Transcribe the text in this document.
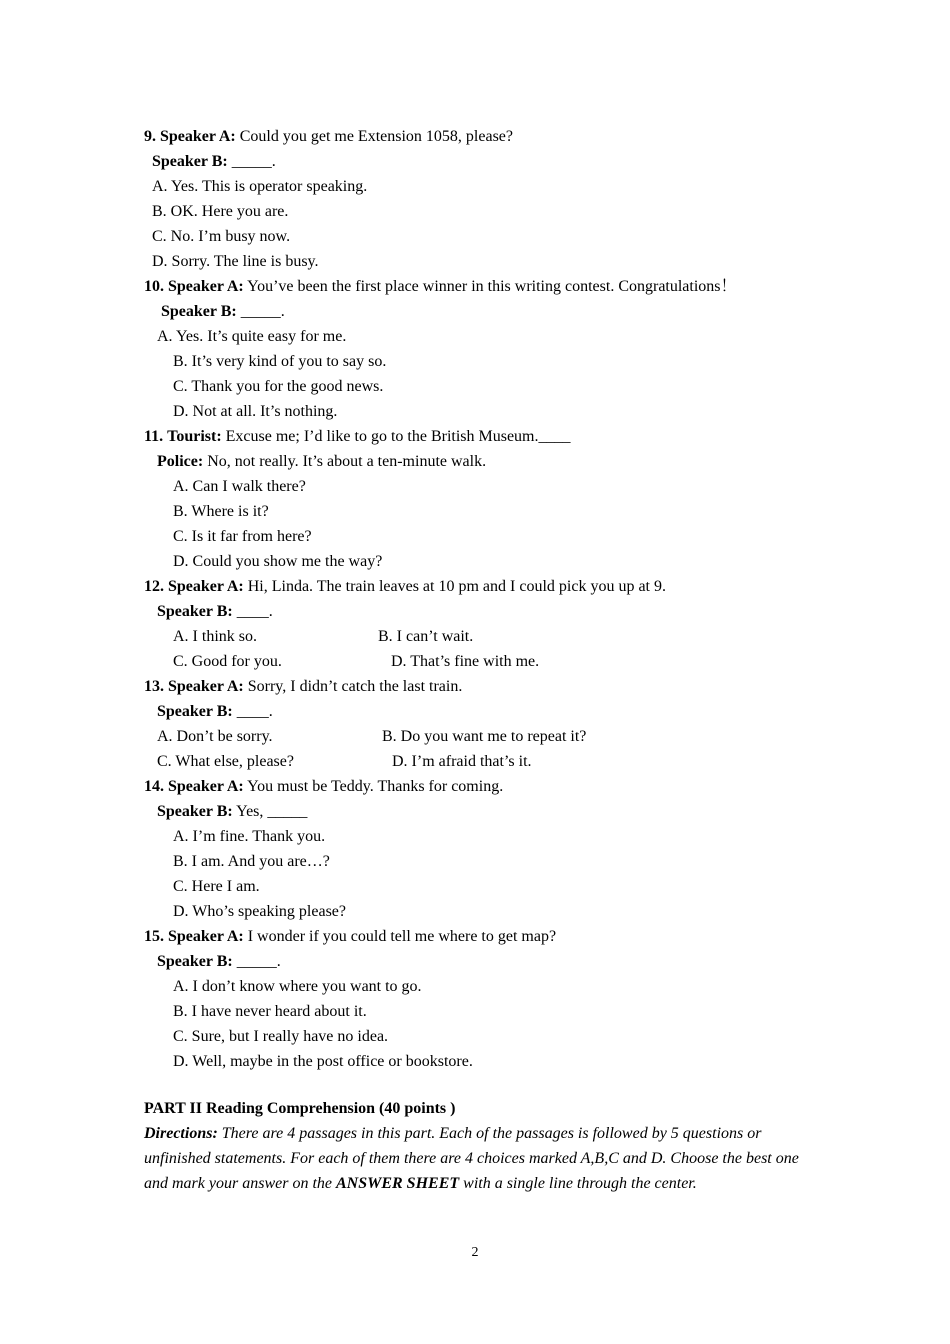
9. Speaker A: Could you get me Extension 1058, please?
Speaker B: _____.
A. Yes. This is operator speaking.
B. OK. Here you are.
C. No. I’m busy now.
D. Sorry. The line is busy.
10. Speaker A: You’ve been the first place winner in this writing contest. Congratulations！
Speaker B: _____.
A. Yes. It’s quite easy for me.
B. It’s very kind of you to say so.
C. Thank you for the good news.
D. Not at all. It’s nothing.
11. Tourist: Excuse me; I’d like to go to the British Museum.____
Police: No, not really. It’s about a ten-minute walk.
A. Can I walk there?
B. Where is it?
C. Is it far from here?
D. Could you show me the way?
12. Speaker A: Hi, Linda. The train leaves at 10 pm and I could pick you up at 9.
Speaker B: ____.
A. I think so.	B. I can’t wait.
C. Good for you.	D. That’s fine with me.
13. Speaker A: Sorry, I didn’t catch the last train.
Speaker B: ____.
A. Don’t be sorry.	B. Do you want me to repeat it?
C. What else, please?	D. I’m afraid that’s it.
14. Speaker A: You must be Teddy. Thanks for coming.
Speaker B: Yes, _____
A. I’m fine. Thank you.
B. I am. And you are…?
C. Here I am.
D. Who’s speaking please?
15. Speaker A: I wonder if you could tell me where to get map?
Speaker B: _____.
A. I don’t know where you want to go.
B. I have never heard about it.
C. Sure, but I really have no idea.
D. Well, maybe in the post office or bookstore.
PART II Reading Comprehension (40 points )
Directions: There are 4 passages in this part. Each of the passages is followed by 5 questions or unfinished statements. For each of them there are 4 choices marked A,B,C and D. Choose the best one and mark your answer on the ANSWER SHEET with a single line through the center.
2
